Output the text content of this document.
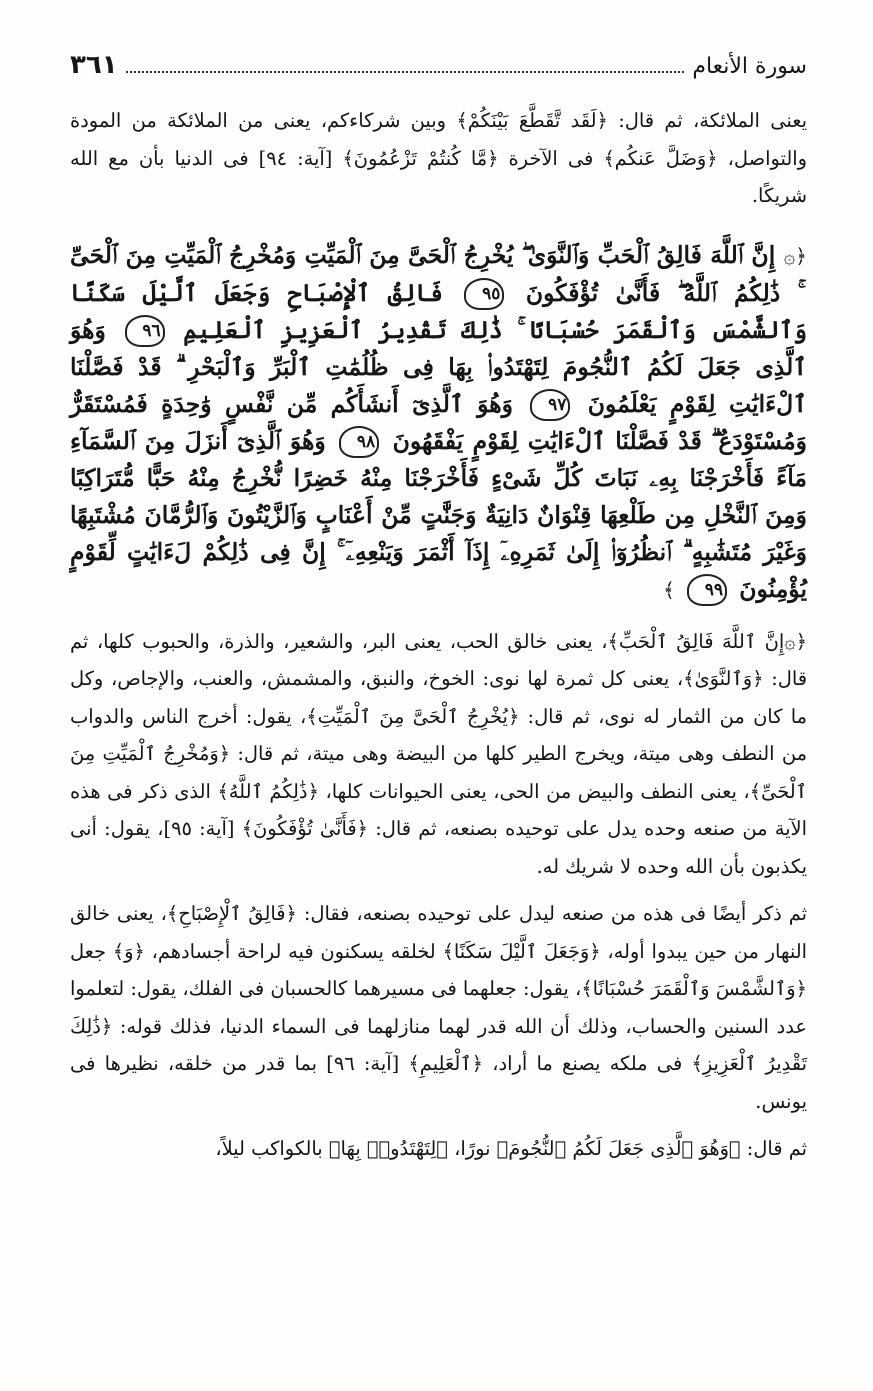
سورة الأنعام
٣٦١

يعنى الملائكة، ثم قال: ﴿لَقَد تَّقَطَّعَ بَيْنَكُمْ﴾ وبين شركاءكم، يعنى من الملائكة من المودة والتواصل، ﴿وَضَلَّ عَنكُم﴾ فى الآخرة ﴿مَّا كُنتُمْ تَزْعُمُونَ﴾ [آية: ٩٤] فى الدنيا بأن مع الله شريكًا.

﴿۞ إِنَّ ٱللَّهَ فَالِقُ ٱلْحَبِّ وَٱلنَّوَىٰ ۖ يُخْرِجُ ٱلْحَىَّ مِنَ ٱلْمَيِّتِ وَمُخْرِجُ ٱلْمَيِّتِ مِنَ ٱلْحَىِّ ۚ ذَٰلِكُمُ ٱللَّهُ ۖ فَأَنَّىٰ تُؤْفَكُونَ ٩٥ فَالِقُ ٱلْإِصْبَاحِ وَجَعَلَ ٱلَّيْلَ سَكَنًا وَٱلشَّمْسَ وَٱلْقَمَرَ حُسْبَانًا ۚ ذَٰلِكَ تَقْدِيرُ ٱلْعَزِيزِ ٱلْعَلِيمِ ٩٦ وَهُوَ ٱلَّذِى جَعَلَ لَكُمُ ٱلنُّجُومَ لِتَهْتَدُوا۟ بِهَا فِى ظُلُمَٰتِ ٱلْبَرِّ وَٱلْبَحْرِ ۗ قَدْ فَصَّلْنَا ٱلْءَايَٰتِ لِقَوْمٍ يَعْلَمُونَ ٩٧ وَهُوَ ٱلَّذِىٓ أَنشَأَكُم مِّن نَّفْسٍ وَٰحِدَةٍ فَمُسْتَقَرٌّ وَمُسْتَوْدَعٌ ۗ قَدْ فَصَّلْنَا ٱلْءَايَٰتِ لِقَوْمٍ يَفْقَهُونَ ٩٨ وَهُوَ ٱلَّذِىٓ أَنزَلَ مِنَ ٱلسَّمَآءِ مَآءً فَأَخْرَجْنَا بِهِۦ نَبَاتَ كُلِّ شَىْءٍ فَأَخْرَجْنَا مِنْهُ خَضِرًا نُّخْرِجُ مِنْهُ حَبًّا مُّتَرَاكِبًا وَمِنَ ٱلنَّخْلِ مِن طَلْعِهَا قِنْوَانٌ دَانِيَةٌ وَجَنَّٰتٍ مِّنْ أَعْنَابٍ وَٱلزَّيْتُونَ وَٱلرُّمَّانَ مُشْتَبِهًا وَغَيْرَ مُتَشَٰبِهٍ ۗ ٱنظُرُوٓا۟ إِلَىٰ ثَمَرِهِۦٓ إِذَآ أَثْمَرَ وَيَنْعِهِۦٓ ۚ إِنَّ فِى ذَٰلِكُمْ لَءَايَٰتٍ لِّقَوْمٍ يُؤْمِنُونَ ٩٩ ﴾

﴿۞إِنَّ ٱللَّهَ فَالِقُ ٱلْحَبِّ﴾، يعنى خالق الحب، يعنى البر، والشعير، والذرة، والحبوب كلها، ثم قال: ﴿وَٱلنَّوَىٰ﴾، يعنى كل ثمرة لها نوى: الخوخ، والنبق، والمشمش، والعنب، والإجاص، وكل ما كان من الثمار له نوى، ثم قال: ﴿يُخْرِجُ ٱلْحَىَّ مِنَ ٱلْمَيِّتِ﴾، يقول: أخرج الناس والدواب من النطف وهى ميتة، ويخرج الطير كلها من البيضة وهى ميتة، ثم قال: ﴿وَمُخْرِجُ ٱلْمَيِّتِ مِنَ ٱلْحَىِّ﴾، يعنى النطف والبيض من الحى، يعنى الحيوانات كلها، ﴿ذَٰلِكُمُ ٱللَّهُ﴾ الذى ذكر فى هذه الآية من صنعه وحده يدل على توحيده بصنعه، ثم قال: ﴿فَأَنَّىٰ تُؤْفَكُونَ﴾ [آية: ٩٥]، يقول: أنى يكذبون بأن الله وحده لا شريك له.

ثم ذكر أيضًا فى هذه من صنعه ليدل على توحيده بصنعه، فقال: ﴿فَالِقُ ٱلْإِصْبَاحِ﴾، يعنى خالق النهار من حين يبدوا أوله، ﴿وَجَعَلَ ٱلَّيْلَ سَكَنًا﴾ لخلقه يسكنون فيه لراحة أجسادهم، ﴿وَ﴾ جعل ﴿وَٱلشَّمْسَ وَٱلْقَمَرَ حُسْبَانًا﴾، يقول: جعلهما فى مسيرهما كالحسبان فى الفلك، يقول: لتعلموا عدد السنين والحساب، وذلك أن الله قدر لهما منازلهما فى السماء الدنيا، فذلك قوله: ﴿ذَٰلِكَ تَقْدِيرُ ٱلْعَزِيزِ﴾ فى ملكه يصنع ما أراد، ﴿ٱلْعَلِيمِ﴾ [آية: ٩٦] بما قدر من خلقه، نظيرها فى يونس.

ثم قال: ﴿وَهُوَ ٱلَّذِى جَعَلَ لَكُمُ ٱلنُّجُومَ﴾ نورًا، ﴿لِتَهْتَدُوا۟ بِهَا﴾ بالكواكب ليلاً،
